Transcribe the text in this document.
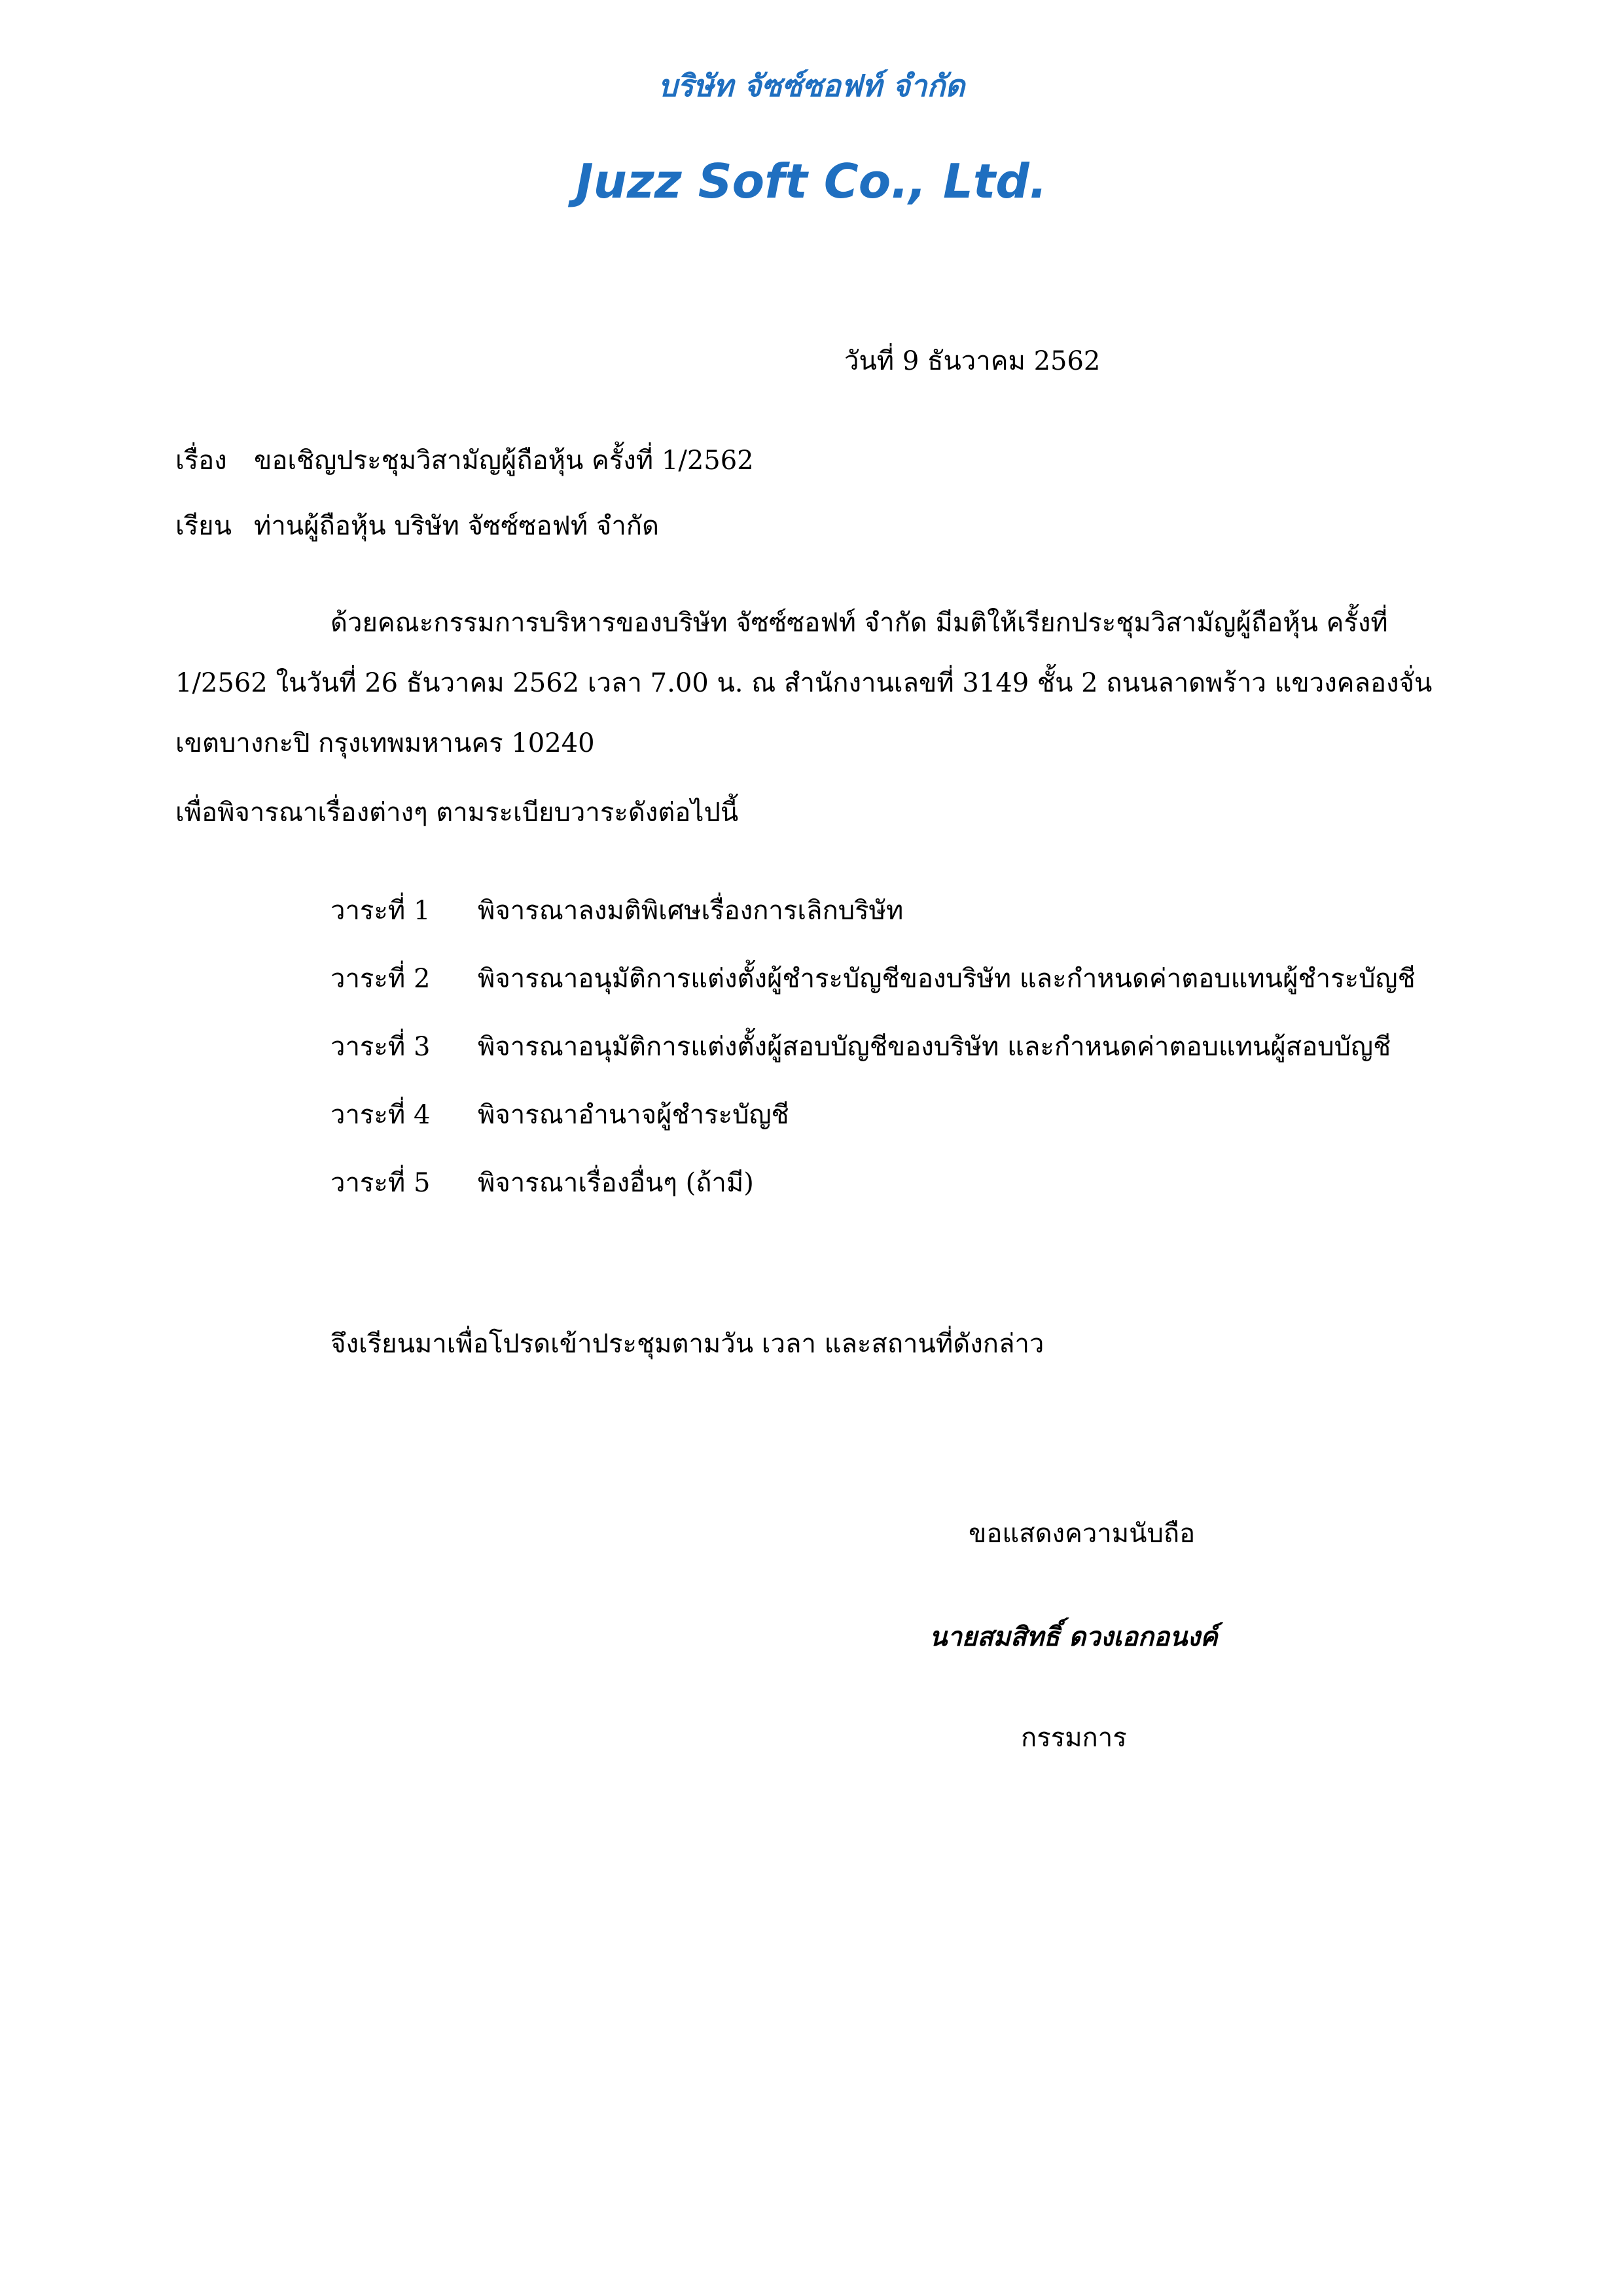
บริษัท จัซซ์ซอฟท์ จำกัด
Juzz Soft Co., Ltd.
วันที่ 9 ธันวาคม 2562
เรื่อง ขอเชิญประชุมวิสามัญผู้ถือหุ้น ครั้งที่ 1/2562
เรียน ท่านผู้ถือหุ้น บริษัท จัซซ์ซอฟท์ จำกัด
ด้วยคณะกรรมการบริหารของบริษัท จัซซ์ซอฟท์ จำกัด มีมติให้เรียกประชุมวิสามัญผู้ถือหุ้น ครั้งที่
1/2562 ในวันที่ 26 ธันวาคม 2562 เวลา 7.00 น. ณ สำนักงานเลขที่ 3149 ชั้น 2 ถนนลาดพร้าว แขวงคลองจั่น
เขตบางกะปิ กรุงเทพมหานคร 10240
เพื่อพิจารณาเรื่องต่างๆ ตามระเบียบวาระดังต่อไปนี้
วาระที่ 1 พิจารณาลงมติพิเศษเรื่องการเลิกบริษัท
วาระที่ 2 พิจารณาอนุมัติการแต่งตั้งผู้ชำระบัญชีของบริษัท และกำหนดค่าตอบแทนผู้ชำระบัญชี
วาระที่ 3 พิจารณาอนุมัติการแต่งตั้งผู้สอบบัญชีของบริษัท และกำหนดค่าตอบแทนผู้สอบบัญชี
วาระที่ 4 พิจารณาอำนาจผู้ชำระบัญชี
วาระที่ 5 พิจารณาเรื่องอื่นๆ (ถ้ามี)
จึงเรียนมาเพื่อโปรดเข้าประชุมตามวัน เวลา และสถานที่ดังกล่าว
ขอแสดงความนับถือ
นายสมสิทธิ์ ดวงเอกอนงค์
กรรมการ
